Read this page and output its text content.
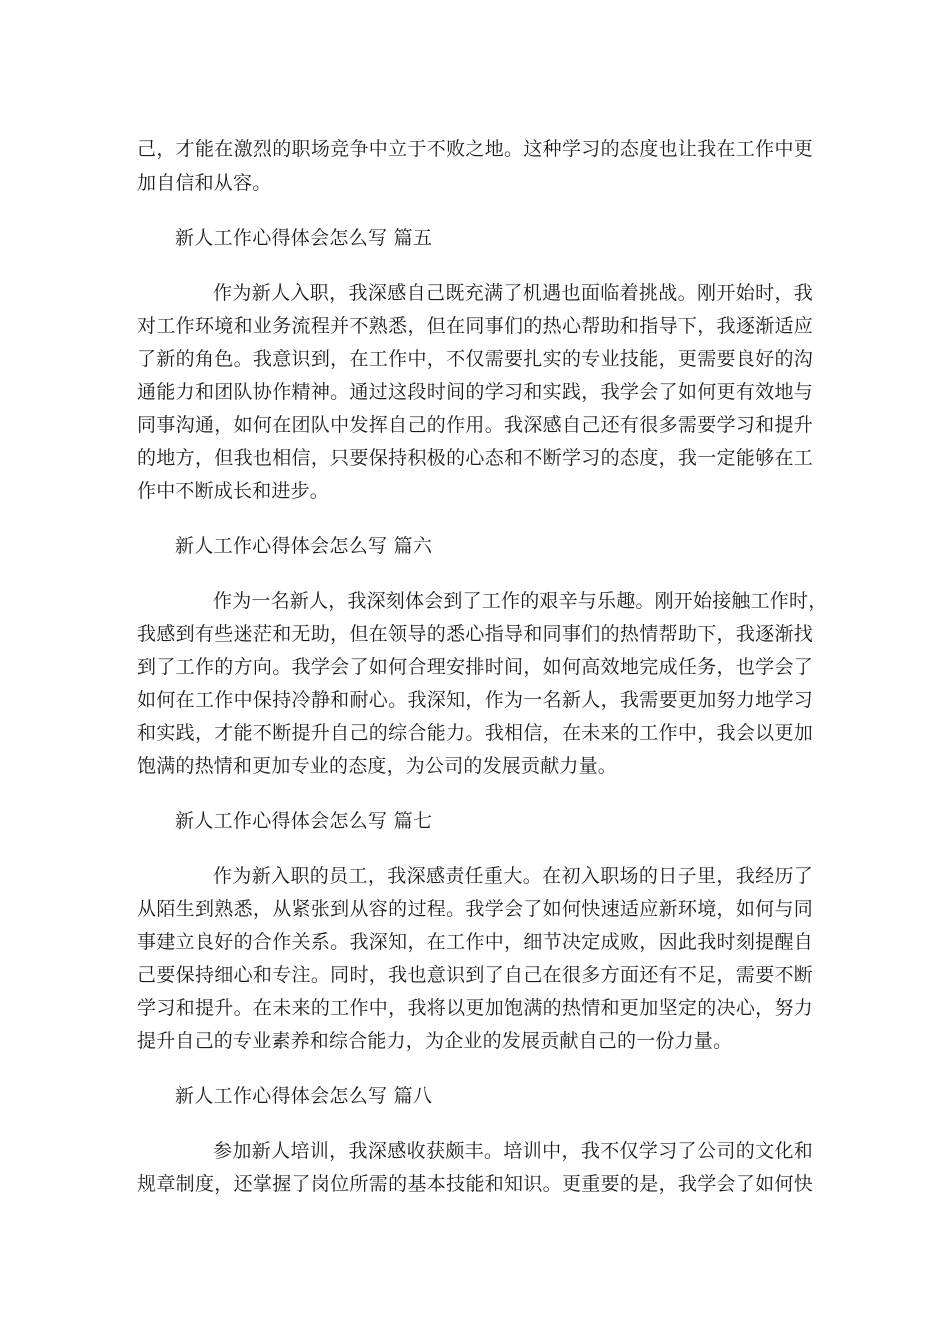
己，才能在激烈的职场竞争中立于不败之地。这种学习的态度也让我在工作中更
加自信和从容。
新人工作心得体会怎么写 篇五
作为新人入职，我深感自己既充满了机遇也面临着挑战。刚开始时，我
对工作环境和业务流程并不熟悉，但在同事们的热心帮助和指导下，我逐渐适应
了新的角色。我意识到，在工作中，不仅需要扎实的专业技能，更需要良好的沟
通能力和团队协作精神。通过这段时间的学习和实践，我学会了如何更有效地与
同事沟通，如何在团队中发挥自己的作用。我深感自己还有很多需要学习和提升
的地方，但我也相信，只要保持积极的心态和不断学习的态度，我一定能够在工
作中不断成长和进步。
新人工作心得体会怎么写 篇六
作为一名新人，我深刻体会到了工作的艰辛与乐趣。刚开始接触工作时，
我感到有些迷茫和无助，但在领导的悉心指导和同事们的热情帮助下，我逐渐找
到了工作的方向。我学会了如何合理安排时间，如何高效地完成任务，也学会了
如何在工作中保持冷静和耐心。我深知，作为一名新人，我需要更加努力地学习
和实践，才能不断提升自己的综合能力。我相信，在未来的工作中，我会以更加
饱满的热情和更加专业的态度，为公司的发展贡献力量。
新人工作心得体会怎么写 篇七
作为新入职的员工，我深感责任重大。在初入职场的日子里，我经历了
从陌生到熟悉，从紧张到从容的过程。我学会了如何快速适应新环境，如何与同
事建立良好的合作关系。我深知，在工作中，细节决定成败，因此我时刻提醒自
己要保持细心和专注。同时，我也意识到了自己在很多方面还有不足，需要不断
学习和提升。在未来的工作中，我将以更加饱满的热情和更加坚定的决心，努力
提升自己的专业素养和综合能力，为企业的发展贡献自己的一份力量。
新人工作心得体会怎么写 篇八
参加新人培训，我深感收获颇丰。培训中，我不仅学习了公司的文化和
规章制度，还掌握了岗位所需的基本技能和知识。更重要的是，我学会了如何快
